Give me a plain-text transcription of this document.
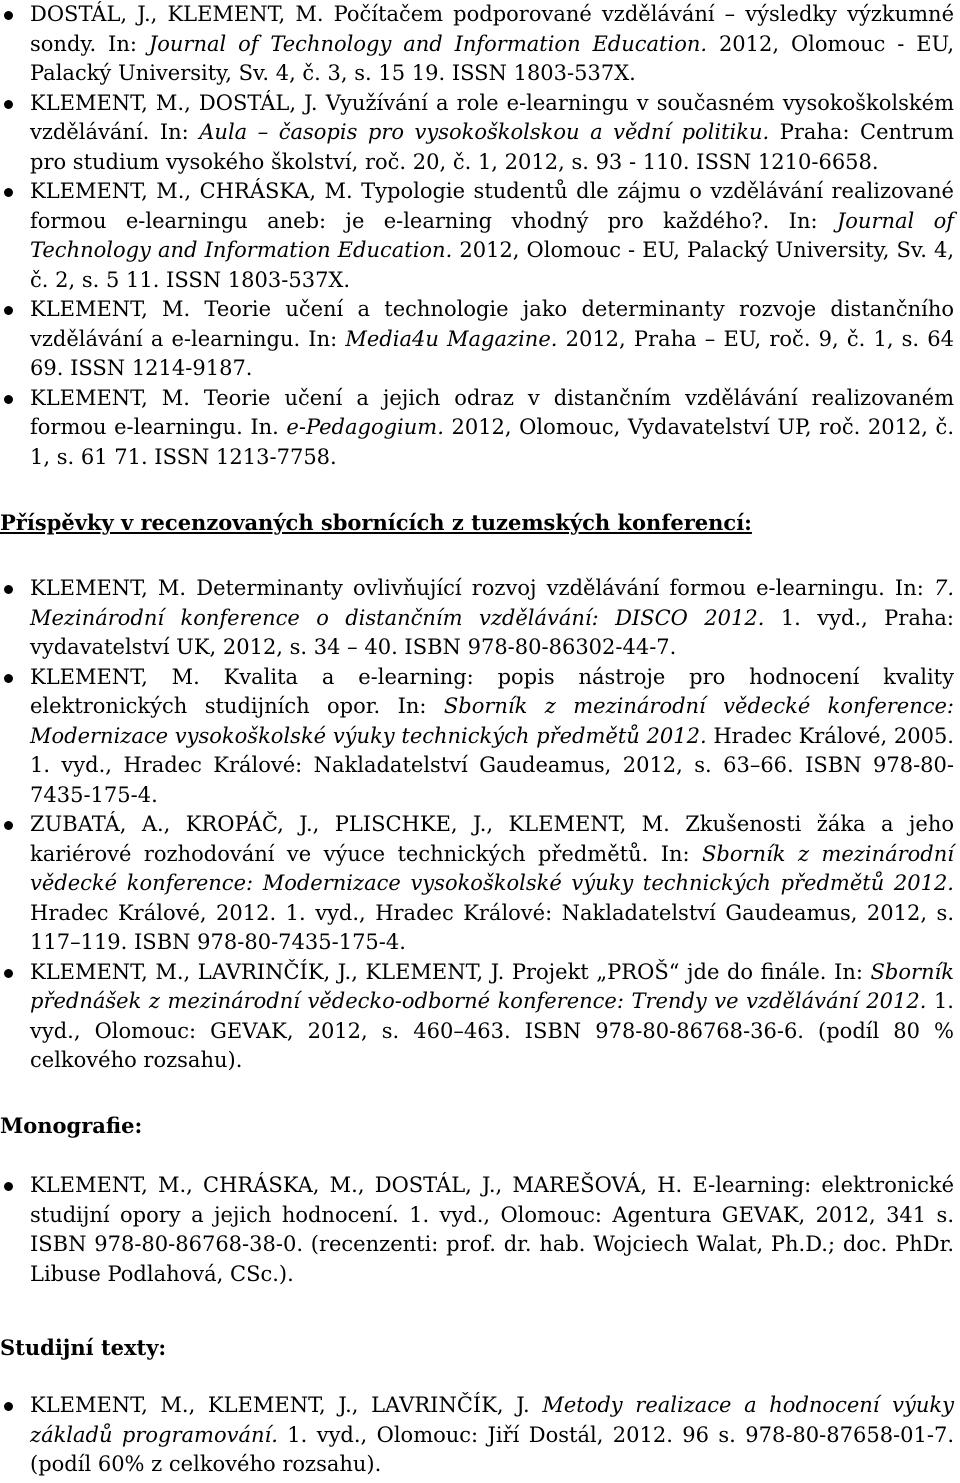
DOSTÁL, J., KLEMENT, M. Počítačem podporované vzdělávání – výsledky výzkumné sondy. In: Journal of Technology and Information Education. 2012, Olomouc - EU, Palacký University, Sv. 4, č. 3, s. 15 19. ISSN 1803-537X.
KLEMENT, M., DOSTÁL, J. Využívání a role e-learningu v současném vysokoškolském vzdělávání. In: Aula – časopis pro vysokoškolskou a vědní politiku. Praha: Centrum pro studium vysokého školství, roč. 20, č. 1, 2012, s. 93 - 110. ISSN 1210-6658.
KLEMENT, M., CHRÁSKA, M. Typologie studentů dle zájmu o vzdělávání realizované formou e-learningu aneb: je e-learning vhodný pro každého?. In: Journal of Technology and Information Education. 2012, Olomouc - EU, Palacký University, Sv. 4, č. 2, s. 5 11. ISSN 1803-537X.
KLEMENT, M. Teorie učení a technologie jako determinanty rozvoje distančního vzdělávání a e-learningu. In: Media4u Magazine. 2012, Praha – EU, roč. 9, č. 1, s. 64 69. ISSN 1214-9187.
KLEMENT, M. Teorie učení a jejich odraz v distančním vzdělávání realizovaném formou e-learningu. In. e-Pedagogium. 2012, Olomouc, Vydavatelství UP, roč. 2012, č. 1, s. 61 71. ISSN 1213-7758.
Příspěvky v recenzovaných sbornících z tuzemských konferencí:
KLEMENT, M. Determinanty ovlivňující rozvoj vzdělávání formou e-learningu. In: 7. Mezinárodní konference o distančním vzdělávání: DISCO 2012. 1. vyd., Praha: vydavatelství UK, 2012, s. 34 – 40. ISBN 978-80-86302-44-7.
KLEMENT, M. Kvalita a e-learning: popis nástroje pro hodnocení kvality elektronických studijních opor. In: Sborník z mezinárodní vědecké konference: Modernizace vysokoškolské výuky technických předmětů 2012. Hradec Králové, 2005. 1. vyd., Hradec Králové: Nakladatelství Gaudeamus, 2012, s. 63–66. ISBN 978-80-7435-175-4.
ZUBATÁ, A., KROPÁČ, J., PLISCHKE, J., KLEMENT, M. Zkušenosti žáka a jeho kariérové rozhodování ve výuce technických předmětů. In: Sborník z mezinárodní vědecké konference: Modernizace vysokoškolské výuky technických předmětů 2012. Hradec Králové, 2012. 1. vyd., Hradec Králové: Nakladatelství Gaudeamus, 2012, s. 117–119. ISBN 978-80-7435-175-4.
KLEMENT, M., LAVRINČÍK, J., KLEMENT, J. Projekt „PROŠ“ jde do finále. In: Sborník přednášek z mezinárodní vědecko-odborné konference: Trendy ve vzdělávání 2012. 1. vyd., Olomouc: GEVAK, 2012, s. 460–463. ISBN 978-80-86768-36-6. (podíl 80 % celkového rozsahu).
Monografie:
KLEMENT, M., CHRÁSKA, M., DOSTÁL, J., MAREŠOVÁ, H. E-learning: elektronické studijní opory a jejich hodnocení. 1. vyd., Olomouc: Agentura GEVAK, 2012, 341 s. ISBN 978-80-86768-38-0. (recenzenti: prof. dr. hab. Wojciech Walat, Ph.D.; doc. PhDr. Libuse Podlahová, CSc.).
Studijní texty:
KLEMENT, M., KLEMENT, J., LAVRINČÍK, J. Metody realizace a hodnocení výuky základů programování. 1. vyd., Olomouc: Jiří Dostál, 2012. 96 s. 978-80-87658-01-7. (podíl 60% z celkového rozsahu).
